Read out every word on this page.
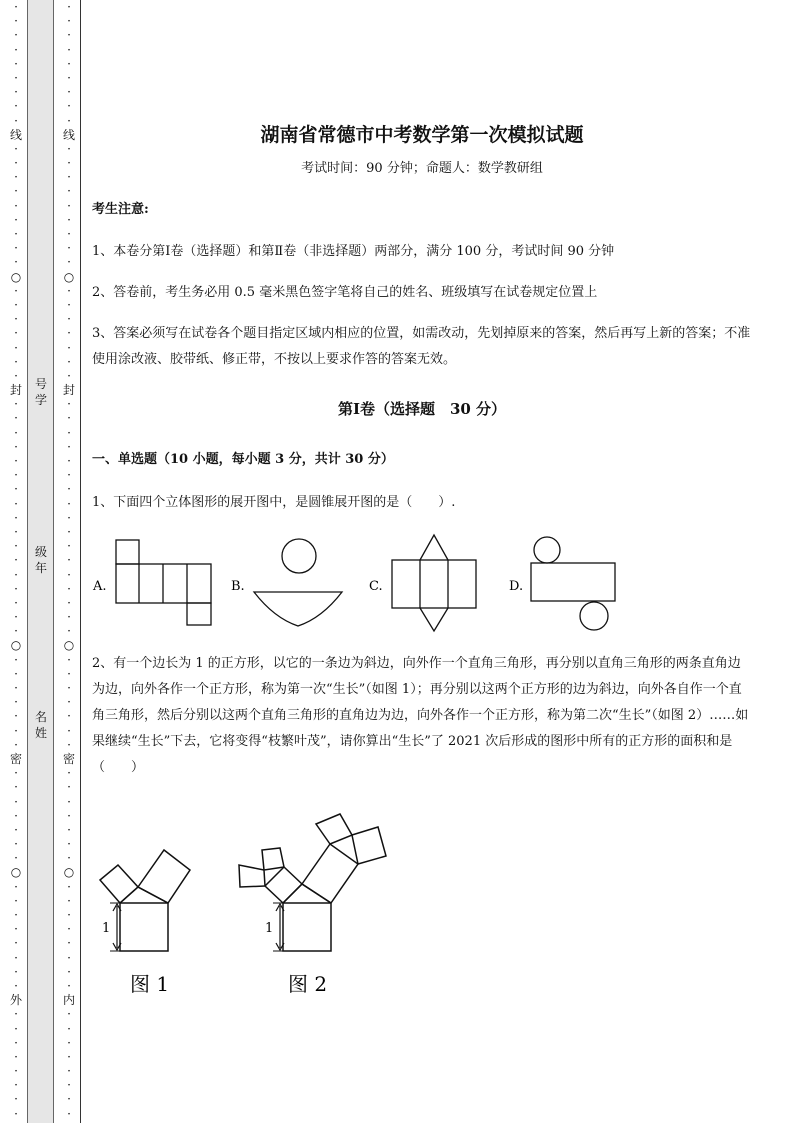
·
·
·
·
·
·
·
·
·
线
·
·
·
·
·
·
·
·
·
○
·
·
·
·
·
·
·
封
·
·
·
·
·
·
·
·
·
·
·
·
·
·
·
·
·
○
·
·
·
·
·
·
·
密
·
·
·
·
·
·
·
○
·
·
·
·
·
·
·
·
外
·
·
·
·
·
·
·
·
·
·
·
·
·
·
·
·
·
线
·
·
·
·
·
·
·
·
·
○
·
·
·
·
·
·
·
封
·
·
·
·
·
·
·
·
·
·
·
·
·
·
·
·
·
○
·
·
·
·
·
·
·
密
·
·
·
·
·
·
·
○
·
·
·
·
·
·
·
·
内
·
·
·
·
·
·
·
·
号学
级年
名姓
湖南省常德市中考数学第一次模拟试题
考试时间：90 分钟；命题人：数学教研组
考生注意:
1、本卷分第Ⅰ卷（选择题）和第Ⅱ卷（非选择题）两部分，满分 100 分，考试时间 90 分钟
2、答卷前，考生务必用 0.5 毫米黑色签字笔将自己的姓名、班级填写在试卷规定位置上
3、答案必须写在试卷各个题目指定区域内相应的位置，如需改动，先划掉原来的答案，然后再写上新的答案；不准使用涂改液、胶带纸、修正带，不按以上要求作答的答案无效。
第Ⅰ卷（选择题　30 分）
一、单选题（10 小题，每小题 3 分，共计 30 分）
1、下面四个立体图形的展开图中，是圆锥展开图的是（　　）.
2、有一个边长为 1 的正方形，以它的一条边为斜边，向外作一个直角三角形，再分别以直角三角形的两条直角边为边，向外各作一个正方形，称为第一次“生长”（如图 1）；再分别以这两个正方形的边为斜边，向外各自作一个直角三角形，然后分别以这两个直角三角形的直角边为边，向外各作一个正方形，称为第二次“生长”（如图 2）……如果继续“生长”下去，它将变得“枝繁叶茂”，请你算出“生长”了 2021 次后形成的图形中所有的正方形的面积和是（　　）
A.	B.	C.	D.
1	1
图 1	图 2
